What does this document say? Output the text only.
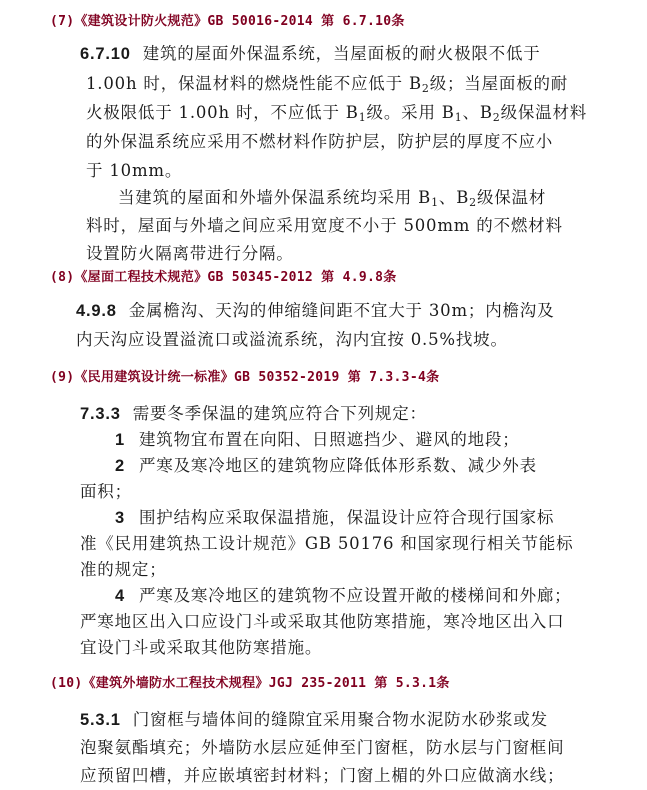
(7)《建筑设计防火规范》GB 50016-2014 第 6.7.10条
6.7.10 建筑的屋面外保温系统，当屋面板的耐火极限不低于
1.00h 时，保温材料的燃烧性能不应低于 $B_2$级；当屋面板的耐
火极限低于 1.00h 时，不应低于 $B_1$级。采用 $B_1$、$B_2$级保温材料
的外保温系统应采用不燃材料作防护层，防护层的厚度不应小
于 10mm。
当建筑的屋面和外墙外保温系统均采用 $B_1$、$B_2$级保温材
料时，屋面与外墙之间应采用宽度不小于 500mm 的不燃材料
设置防火隔离带进行分隔。
(8)《屋面工程技术规范》GB 50345-2012 第 4.9.8条
4.9.8 金属檐沟、天沟的伸缩缝间距不宜大于 30m；内檐沟及
内天沟应设置溢流口或溢流系统，沟内宜按 0.5%找坡。
(9)《民用建筑设计统一标准》GB 50352-2019 第 7.3.3-4条
7.3.3 需要冬季保温的建筑应符合下列规定：
1 建筑物宜布置在向阳、日照遮挡少、避风的地段；
2 严寒及寒冷地区的建筑物应降低体形系数、减少外表
面积；
3 围护结构应采取保温措施，保温设计应符合现行国家标
准《民用建筑热工设计规范》GB 50176 和国家现行相关节能标
准的规定；
4 严寒及寒冷地区的建筑物不应设置开敞的楼梯间和外廊；
严寒地区出入口应设门斗或采取其他防寒措施，寒冷地区出入口
宜设门斗或采取其他防寒措施。
(10)《建筑外墙防水工程技术规程》JGJ 235-2011 第 5.3.1条
5.3.1 门窗框与墙体间的缝隙宜采用聚合物水泥防水砂浆或发
泡聚氨酯填充；外墙防水层应延伸至门窗框，防水层与门窗框间
应预留凹槽，并应嵌填密封材料；门窗上楣的外口应做滴水线；
